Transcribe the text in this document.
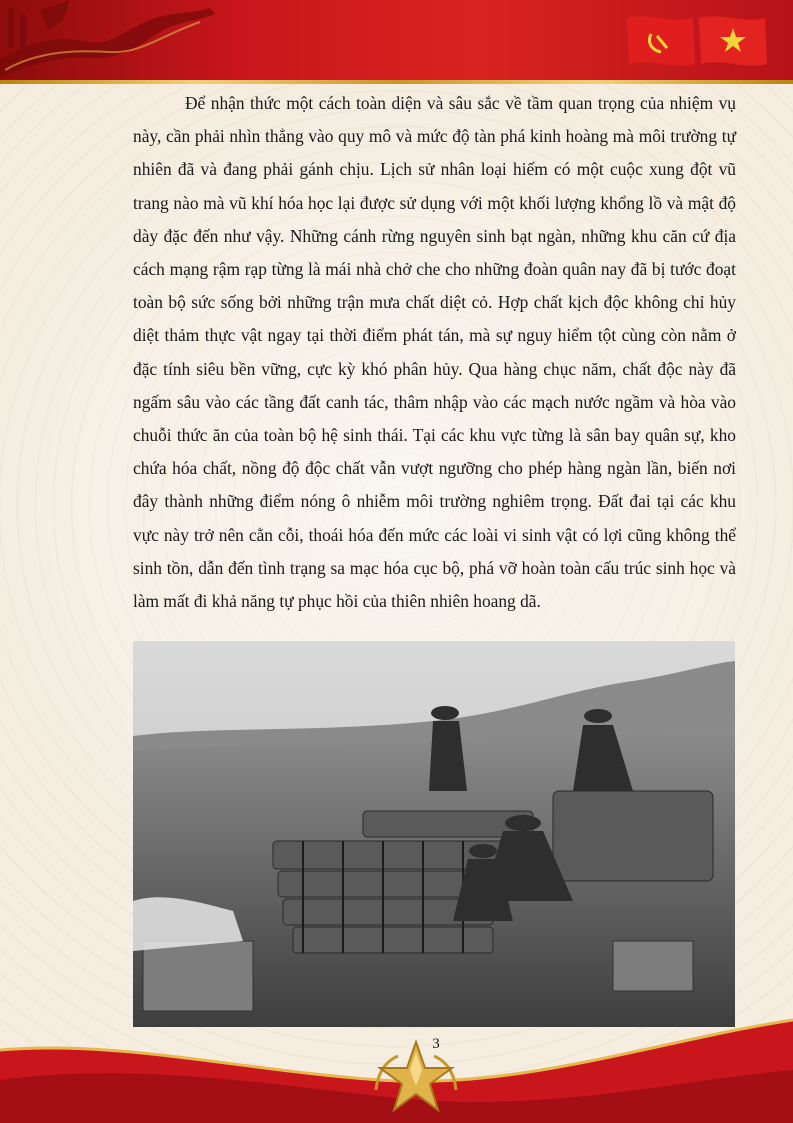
Để nhận thức một cách toàn diện và sâu sắc về tầm quan trọng của nhiệm vụ này, cần phải nhìn thẳng vào quy mô và mức độ tàn phá kinh hoàng mà môi trường tự nhiên đã và đang phải gánh chịu. Lịch sử nhân loại hiếm có một cuộc xung đột vũ trang nào mà vũ khí hóa học lại được sử dụng với một khối lượng khổng lồ và mật độ dày đặc đến như vậy. Những cánh rừng nguyên sinh bạt ngàn, những khu căn cứ địa cách mạng rậm rạp từng là mái nhà chở che cho những đoàn quân nay đã bị tước đoạt toàn bộ sức sống bởi những trận mưa chất diệt cỏ. Hợp chất kịch độc không chỉ hủy diệt thảm thực vật ngay tại thời điểm phát tán, mà sự nguy hiểm tột cùng còn nằm ở đặc tính siêu bền vững, cực kỳ khó phân hủy. Qua hàng chục năm, chất độc này đã ngấm sâu vào các tầng đất canh tác, thâm nhập vào các mạch nước ngầm và hòa vào chuỗi thức ăn của toàn bộ hệ sinh thái. Tại các khu vực từng là sân bay quân sự, kho chứa hóa chất, nồng độ độc chất vẫn vượt ngưỡng cho phép hàng ngàn lần, biến nơi đây thành những điểm nóng ô nhiễm môi trường nghiêm trọng. Đất đai tại các khu vực này trở nên cằn cỗi, thoái hóa đến mức các loài vi sinh vật có lợi cũng không thể sinh tồn, dẫn đến tình trạng sa mạc hóa cục bộ, phá vỡ hoàn toàn cấu trúc sinh học và làm mất đi khả năng tự phục hồi của thiên nhiên hoang dã.

3
